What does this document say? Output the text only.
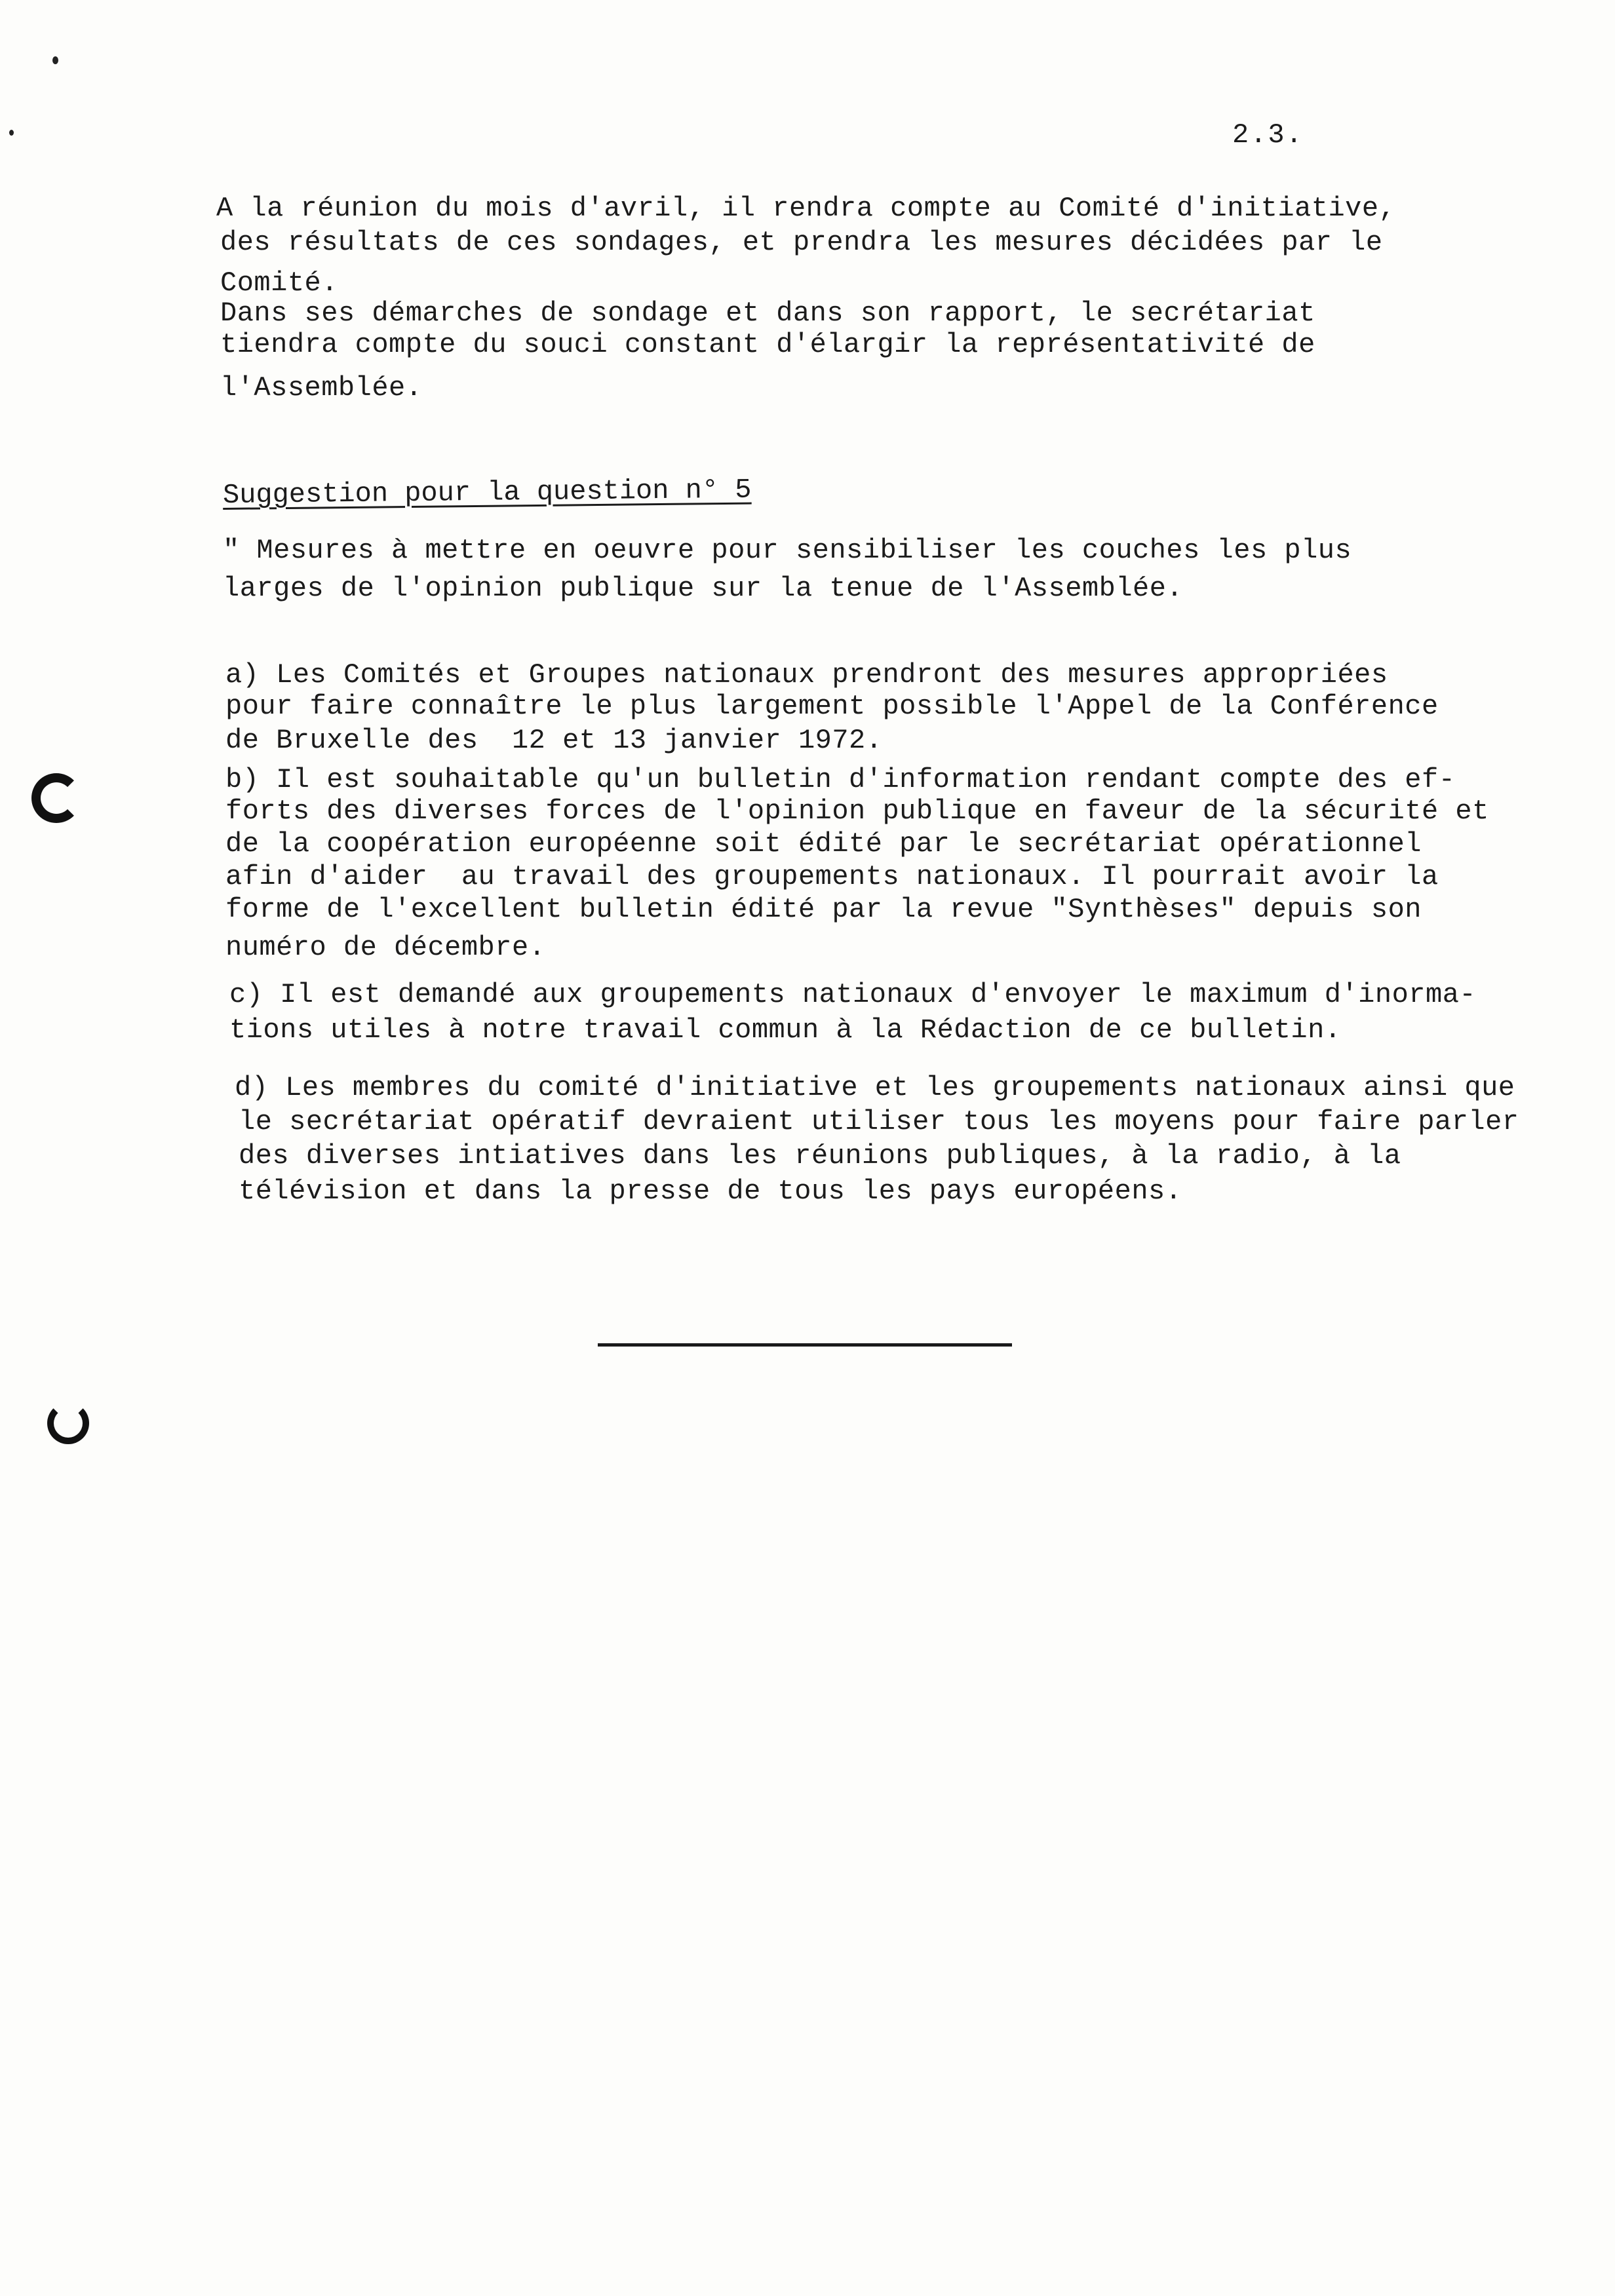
2.3.
A la réunion du mois d'avril, il rendra compte au Comité d'initiative,
des résultats de ces sondages, et prendra les mesures décidées par le
Comité.
Dans ses démarches de sondage et dans son rapport, le secrétariat
tiendra compte du souci constant d'élargir la représentativité de
l'Assemblée.
Suggestion pour la question n° 5
" Mesures à mettre en oeuvre pour sensibiliser les couches les plus
larges de l'opinion publique sur la tenue de l'Assemblée.
a) Les Comités et Groupes nationaux prendront des mesures appropriées
pour faire connaître le plus largement possible l'Appel de la Conférence
de Bruxelle des  12 et 13 janvier 1972.
b) Il est souhaitable qu'un bulletin d'information rendant compte des ef-
forts des diverses forces de l'opinion publique en faveur de la sécurité et
de la coopération européenne soit édité par le secrétariat opérationnel
afin d'aider  au travail des groupements nationaux. Il pourrait avoir la
forme de l'excellent bulletin édité par la revue "Synthèses" depuis son
numéro de décembre.
c) Il est demandé aux groupements nationaux d'envoyer le maximum d'inorma-
tions utiles à notre travail commun à la Rédaction de ce bulletin.
d) Les membres du comité d'initiative et les groupements nationaux ainsi que
le secrétariat opératif devraient utiliser tous les moyens pour faire parler
des diverses intiatives dans les réunions publiques, à la radio, à la
télévision et dans la presse de tous les pays européens.
